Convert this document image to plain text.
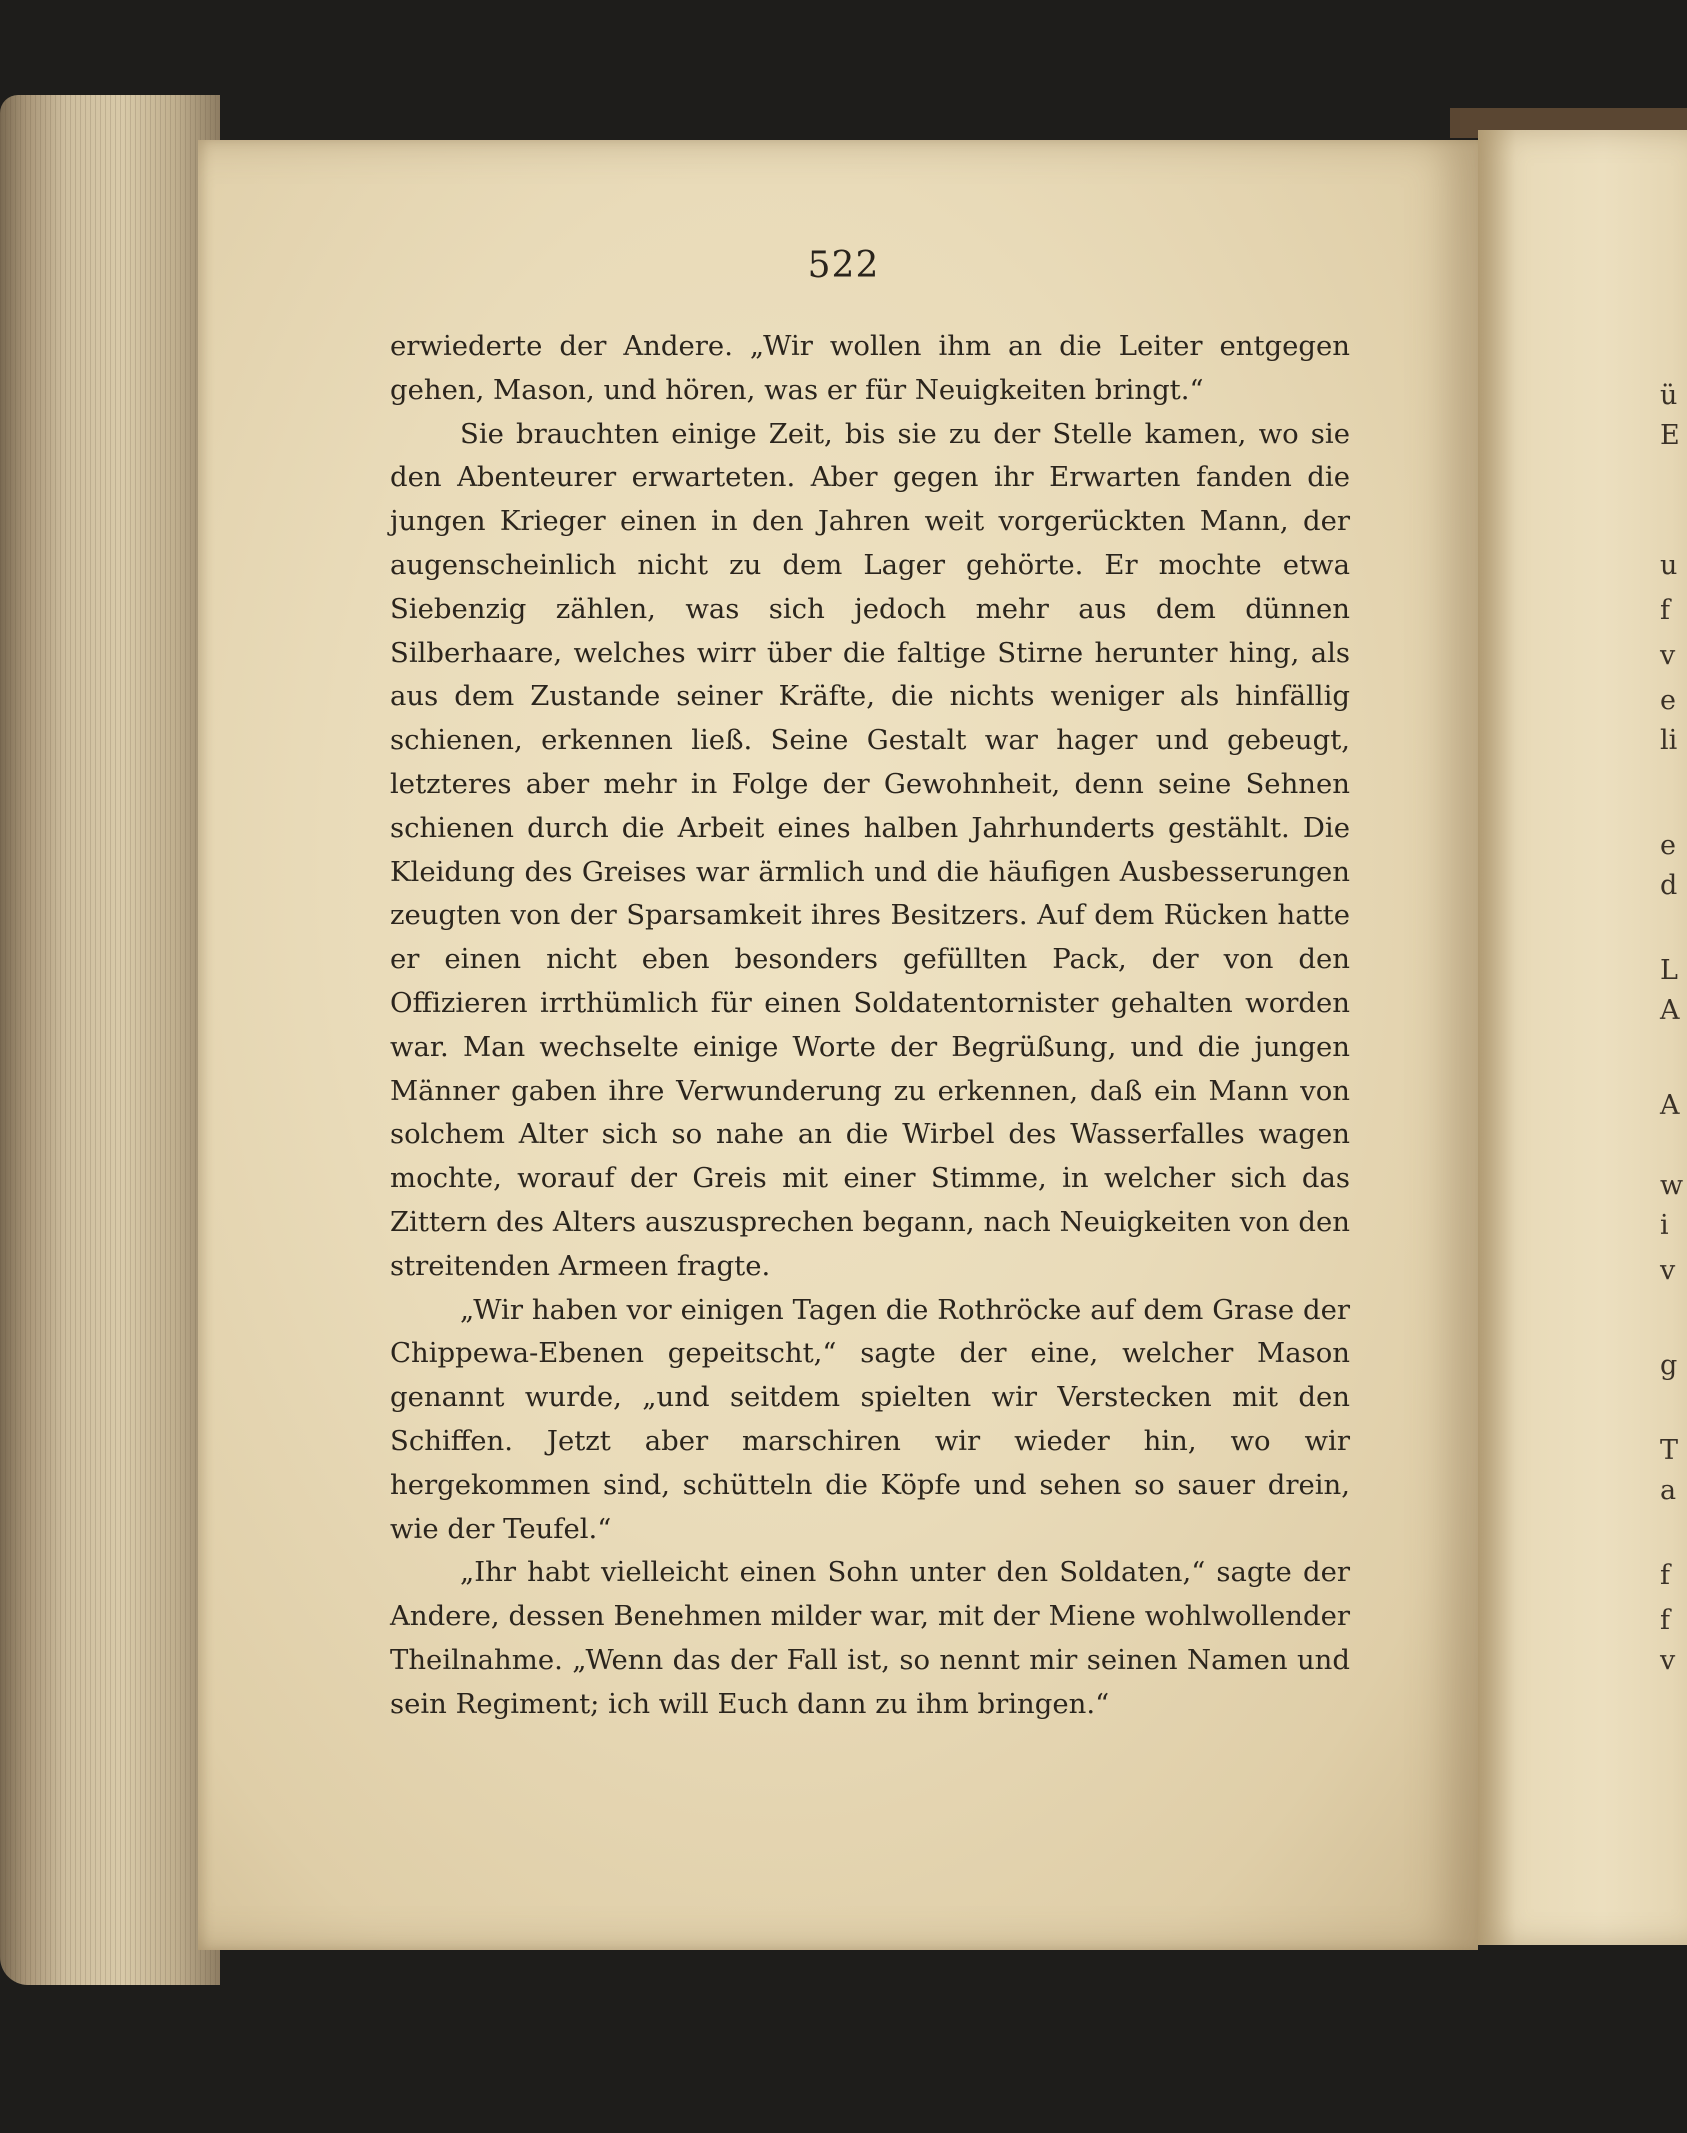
522

erwiederte der Andere. „Wir wollen ihm an die Leiter entgegen gehen, Mason, und hören, was er für Neuigkeiten bringt.“

Sie brauchten einige Zeit, bis sie zu der Stelle kamen, wo sie den Abenteurer erwarteten. Aber gegen ihr Erwarten fanden die jungen Krieger einen in den Jahren weit vorgerückten Mann, der augenscheinlich nicht zu dem Lager gehörte. Er mochte etwa Siebenzig zählen, was sich jedoch mehr aus dem dünnen Silberhaare, welches wirr über die faltige Stirne herunter hing, als aus dem Zustande seiner Kräfte, die nichts weniger als hinfällig schienen, erkennen ließ. Seine Gestalt war hager und gebeugt, letzteres aber mehr in Folge der Gewohnheit, denn seine Sehnen schienen durch die Arbeit eines halben Jahrhunderts gestählt. Die Kleidung des Greises war ärmlich und die häufigen Ausbesserungen zeugten von der Sparsamkeit ihres Besitzers. Auf dem Rücken hatte er einen nicht eben besonders gefüllten Pack, der von den Offizieren irrthümlich für einen Soldatentornister gehalten worden war. Man wechselte einige Worte der Begrüßung, und die jungen Männer gaben ihre Verwunderung zu erkennen, daß ein Mann von solchem Alter sich so nahe an die Wirbel des Wasserfalles wagen mochte, worauf der Greis mit einer Stimme, in welcher sich das Zittern des Alters auszusprechen begann, nach Neuigkeiten von den streitenden Armeen fragte.

„Wir haben vor einigen Tagen die Rothröcke auf dem Grase der Chippewa-Ebenen gepeitscht,“ sagte der eine, welcher Mason genannt wurde, „und seitdem spielten wir Verstecken mit den Schiffen. Jetzt aber marschiren wir wieder hin, wo wir hergekommen sind, schütteln die Köpfe und sehen so sauer drein, wie der Teufel.“

„Ihr habt vielleicht einen Sohn unter den Soldaten,“ sagte der Andere, dessen Benehmen milder war, mit der Miene wohlwollender Theilnahme. „Wenn das der Fall ist, so nennt mir seinen Namen und sein Regiment; ich will Euch dann zu ihm bringen.“

ü
E
u
f
v
e
li
e
d
L
A
A
w
i
v
g
T
a
f
f
v
